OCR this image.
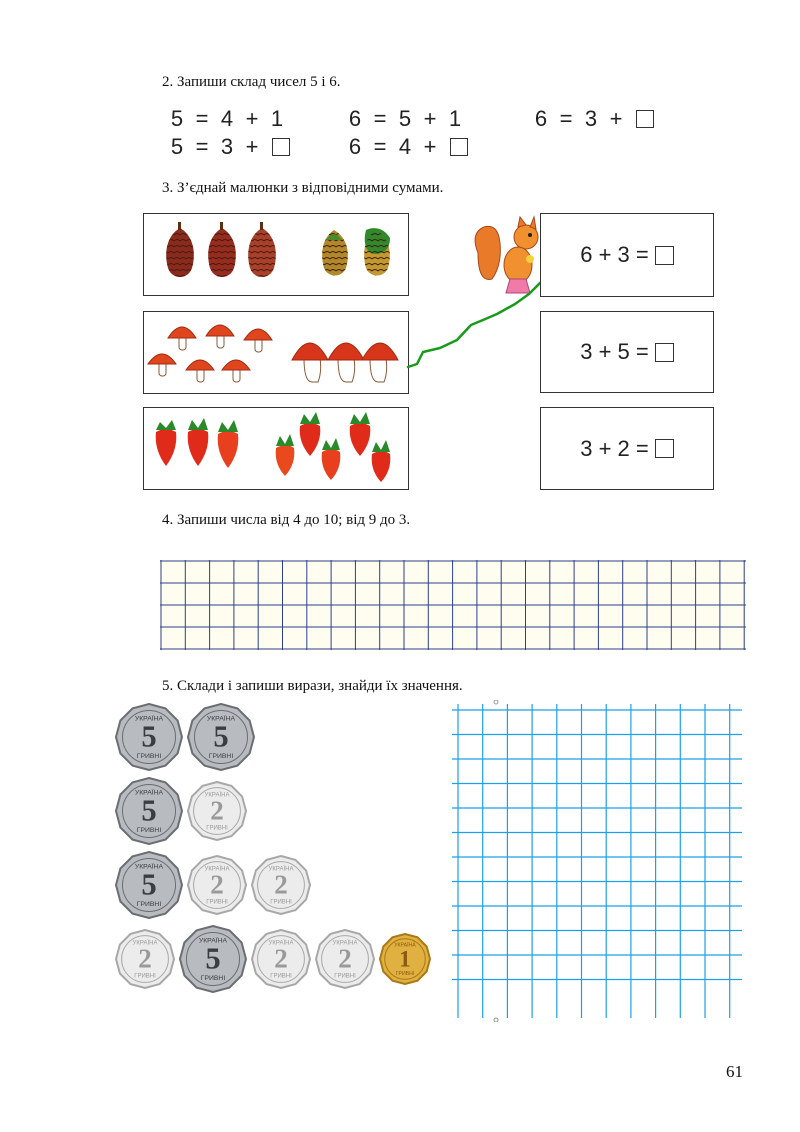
2. Запиши склад чисел 5 і 6.
5 = 4 + 1	6 = 5 + 1	6 = 3 +
5 = 3 +	6 = 4 +
3. З’єднай малюнки з відповідними сумами.
6 + 3 =
3 + 5 =
3 + 2 =
4. Запиши числа від 4 до 10; від 9 до 3.
5. Склади і запиши вирази, знайди їх значення.
УКРАЇНА
5
ГРИВНІ
УКРАЇНА
5
ГРИВНІ
УКРАЇНА
5
ГРИВНІ
УКРАЇНА
2
ГРИВНІ
УКРАЇНА
5
ГРИВНІ
УКРАЇНА
2
ГРИВНІ
УКРАЇНА
2
ГРИВНІ
УКРАЇНА
2
ГРИВНІ
УКРАЇНА
5
ГРИВНІ
УКРАЇНА
2
ГРИВНІ
УКРАЇНА
2
ГРИВНІ
УКРАЇНА
1
ГРИВНІ
61
